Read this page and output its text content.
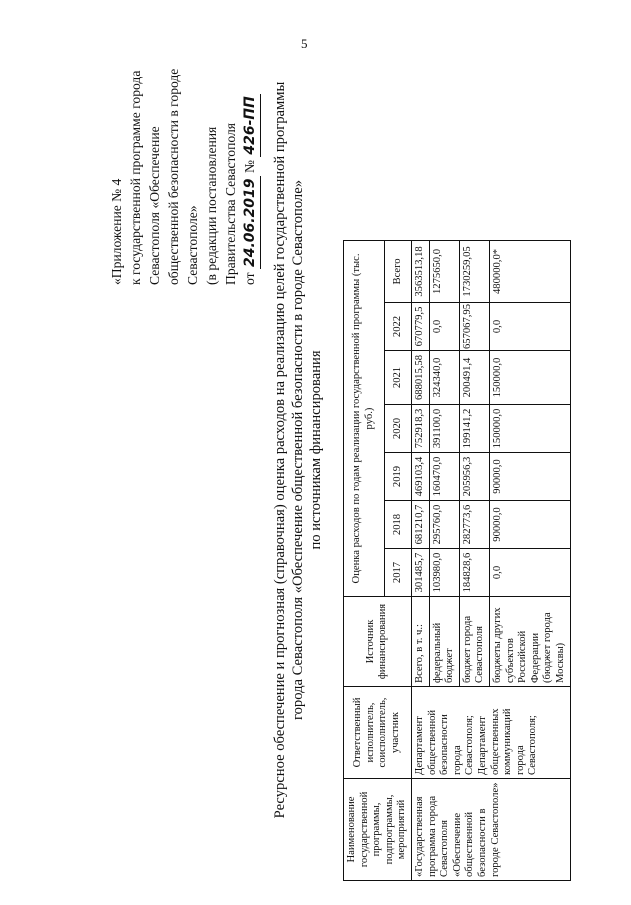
5
«Приложение № 4 к государственной программе города Севастополя «Обеспечение общественной безопасности в городе Севастополе» (в редакции постановления Правительства Севастополя от 24.06.2019 № 426-ПП Ресурсное обеспечение и прогнозная (справочная) оценка расходов на реализацию целей государственной программы города Севастополя «Обеспечение общественной безопасности в городе Севастополе» по источникам финансирования
Наименование государственной программы, подпрограммы, мероприятий	Ответственный исполнитель, соисполнитель, участник	Источник финансирования	Оценка расходов по годам реализации государственной программы (тыс. руб.)						
			2017	2018	2019	2020	2021	2022	Всего
«Государственная программа города Севастополя «Обеспечение общественной безопасности в городе Севастополе»	Департамент общественной безопасности города Севастополя; Департамент общественных коммуникаций города Севастополя;	Всего, в т. ч.:	301485,7	681210,7	469103,4	752918,3	688015,58	670779,5	3563513,18
		федеральный бюджет	103980,0	295760,0	160470,0	391100,0	324340,0	0,0	1275650,0
		бюджет города Севастополя	184828,6	282773,6	205956,3	199141,2	200491,4	657067,95	1730259,05
		бюджеты других субъектов Российской Федерации (бюджет города Москвы)	0,0	90000,0	90000,0	150000,0	150000,0	0,0	480000,0*
